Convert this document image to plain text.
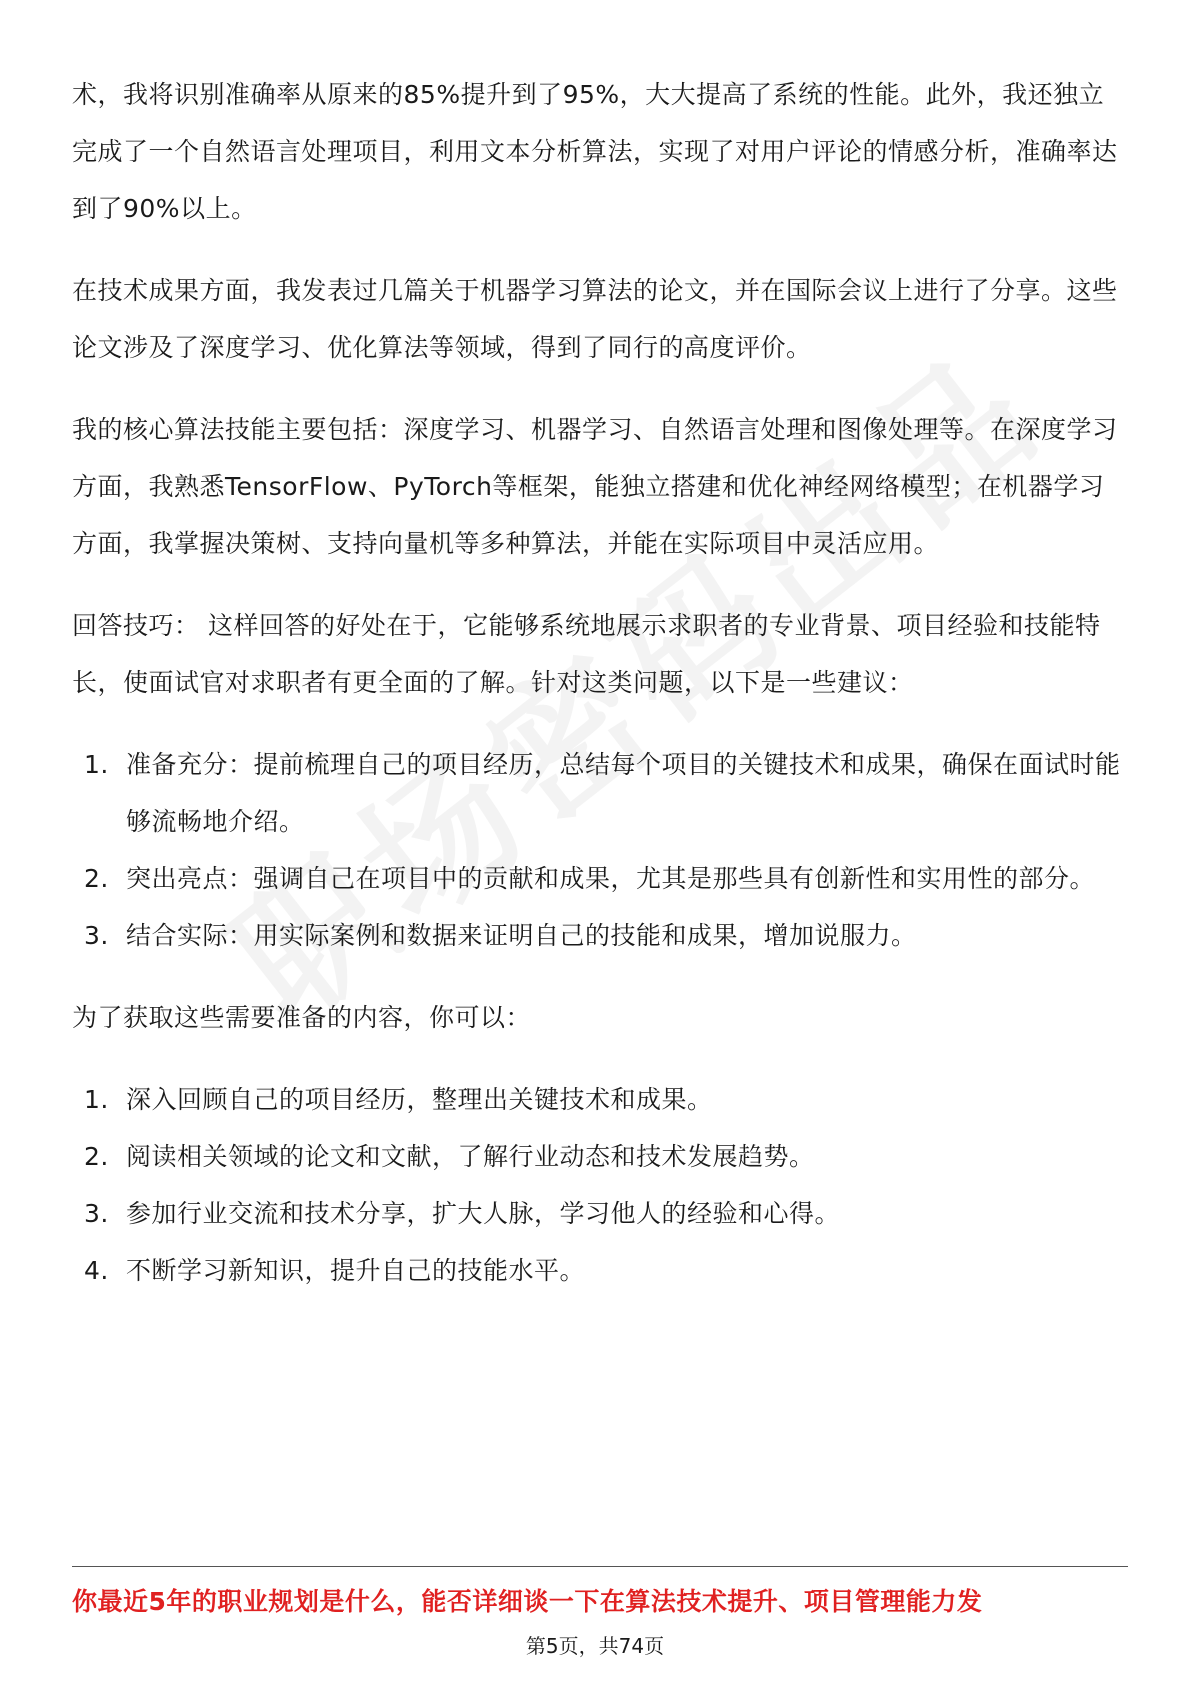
术，我将识别准确率从原来的85%提升到了95%，大大提高了系统的性能。此外，我还独立完成了一个自然语言处理项目，利用文本分析算法，实现了对用户评论的情感分析，准确率达到了90%以上。

在技术成果方面，我发表过几篇关于机器学习算法的论文，并在国际会议上进行了分享。这些论文涉及了深度学习、优化算法等领域，得到了同行的高度评价。

我的核心算法技能主要包括：深度学习、机器学习、自然语言处理和图像处理等。在深度学习方面，我熟悉TensorFlow、PyTorch等框架，能独立搭建和优化神经网络模型；在机器学习方面，我掌握决策树、支持向量机等多种算法，并能在实际项目中灵活应用。

回答技巧： 这样回答的好处在于，它能够系统地展示求职者的专业背景、项目经验和技能特长，使面试官对求职者有更全面的了解。针对这类问题，以下是一些建议：

1. 准备充分：提前梳理自己的项目经历，总结每个项目的关键技术和成果，确保在面试时能够流畅地介绍。
2. 突出亮点：强调自己在项目中的贡献和成果，尤其是那些具有创新性和实用性的部分。
3. 结合实际：用实际案例和数据来证明自己的技能和成果，增加说服力。

为了获取这些需要准备的内容，你可以：

1. 深入回顾自己的项目经历，整理出关键技术和成果。
2. 阅读相关领域的论文和文献，了解行业动态和技术发展趋势。
3. 参加行业交流和技术分享，扩大人脉，学习他人的经验和心得。
4. 不断学习新知识，提升自己的技能水平。
你最近5年的职业规划是什么，能否详细谈一下在算法技术提升、项目管理能力发
第5页，共74页
